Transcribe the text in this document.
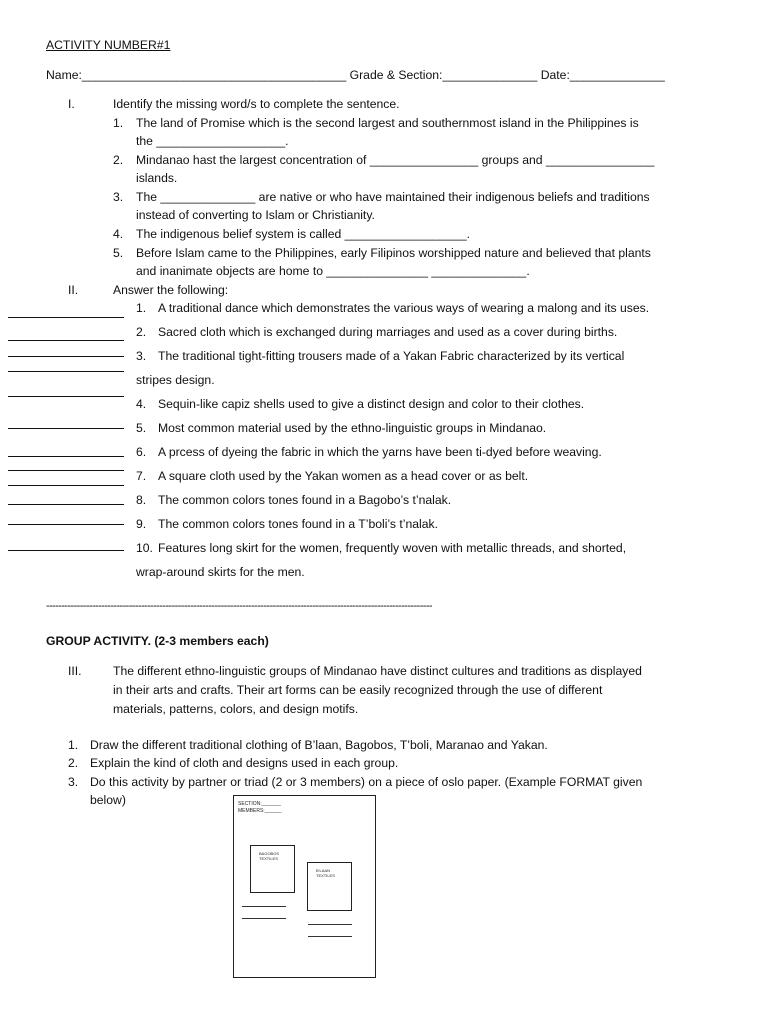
ACTIVITY NUMBER#1
Name:_______________________________________ Grade & Section:______________ Date:______________
I.	Identify the missing word/s to complete the sentence.
1. The land of Promise which is the second largest and southernmost island in the Philippines is
the ___________________.
2. Mindanao hast the largest concentration of ________________ groups and ________________
islands.
3. The ______________ are native or who have maintained their indigenous beliefs and traditions
instead of converting to Islam or Christianity.
4. The indigenous belief system is called __________________.
5. Before Islam came to the Philippines, early Filipinos worshipped nature and believed that plants
and inanimate objects are home to _______________ ______________.
II.	Answer the following:
1. A traditional dance which demonstrates the various ways of wearing a malong and its uses.
2. Sacred cloth which is exchanged during marriages and used as a cover during births.
3. The traditional tight-fitting trousers made of a Yakan Fabric characterized by its vertical
stripes design.
4. Sequin-like capiz shells used to give a distinct design and color to their clothes.
5. Most common material used by the ethno-linguistic groups in Mindanao.
6. A prcess of dyeing the fabric in which the yarns have been ti-dyed before weaving.
7. A square cloth used by the Yakan women as a head cover or as belt.
8. The common colors tones found in a Bagobo’s t’nalak.
9. The common colors tones found in a T’boli’s t’nalak.
10. Features long skirt for the women, frequently woven with metallic threads, and shorted,
wrap-around skirts for the men.
------------------------------------------------------------------------------------------------------------------------------
GROUP ACTIVITY. (2-3 members each)
III.	The different ethno-linguistic groups of Mindanao have distinct cultures and traditions as displayed
in their arts and crafts. Their art forms can be easily recognized through the use of different
materials, patterns, colors, and design motifs.
1. Draw the different traditional clothing of B’laan, Bagobos, T’boli, Maranao and Yakan.
2. Explain the kind of cloth and designs used in each group.
3. Do this activity by partner or triad (2 or 3 members) on a piece of oslo paper. (Example FORMAT given
below)	SECTION:_______
MEMBERS:______
BAGOBOS TEXTILES
B’LAAN TEXTILES
